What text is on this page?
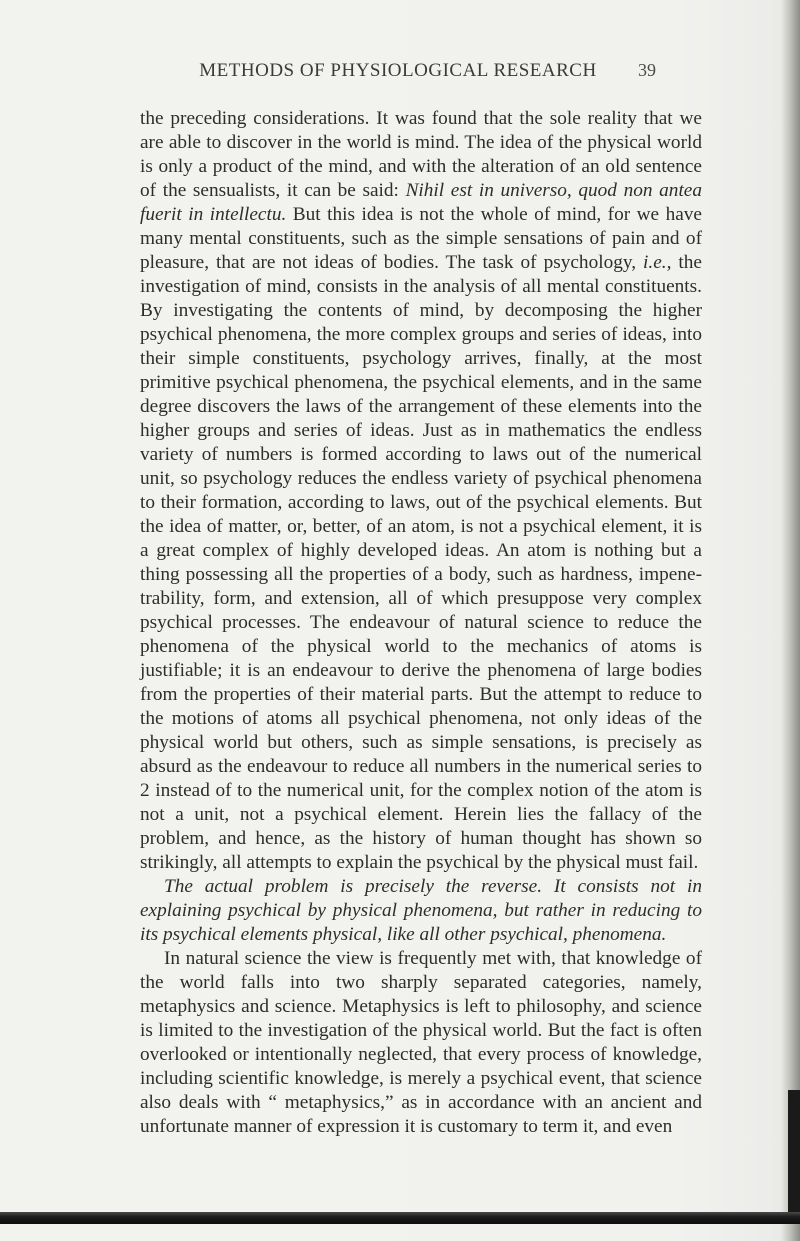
METHODS OF PHYSIOLOGICAL RESEARCH	39

the preceding considerations. It was found that the sole reality that we are able to discover in the world is mind. The idea of the physical world is only a product of the mind, and with the alteration of an old sentence of the sensualists, it can be said: Nihil est in universo, quod non antea fuerit in intellectu. But this idea is not the whole of mind, for we have many mental constituents, such as the simple sensations of pain and of pleasure, that are not ideas of bodies. The task of psychology, i.e., the investigation of mind, consists in the analysis of all mental constituents. By investigating the contents of mind, by decomposing the higher psychical phenomena, the more complex groups and series of ideas, into their simple constituents, psychology arrives, finally, at the most primitive psychical phenomena, the psychical elements, and in the same degree discovers the laws of the arrangement of these elements into the higher groups and series of ideas. Just as in mathematics the endless variety of numbers is formed according to laws out of the numerical unit, so psychology reduces the endless variety of psychical phenomena to their formation, according to laws, out of the psychical elements. But the idea of matter, or, better, of an atom, is not a psychical element, it is a great complex of highly developed ideas. An atom is nothing but a thing possessing all the properties of a body, such as hardness, impenetrability, form, and extension, all of which presuppose very complex psychical processes. The endeavour of natural science to reduce the phenomena of the physical world to the mechanics of atoms is justifiable; it is an endeavour to derive the phenomena of large bodies from the properties of their material parts. But the attempt to reduce to the motions of atoms all psychical phenomena, not only ideas of the physical world but others, such as simple sensations, is precisely as absurd as the endeavour to reduce all numbers in the numerical series to 2 instead of to the numerical unit, for the complex notion of the atom is not a unit, not a psychical element. Herein lies the fallacy of the problem, and hence, as the history of human thought has shown so strikingly, all attempts to explain the psychical by the physical must fail.

The actual problem is precisely the reverse. It consists not in explaining psychical by physical phenomena, but rather in reducing to its psychical elements physical, like all other psychical, phenomena.

In natural science the view is frequently met with, that knowledge of the world falls into two sharply separated categories, namely, metaphysics and science. Metaphysics is left to philosophy, and science is limited to the investigation of the physical world. But the fact is often overlooked or intentionally neglected, that every process of knowledge, including scientific knowledge, is merely a psychical event, that science also deals with “ metaphysics,” as in accordance with an ancient and unfortunate manner of expression it is customary to term it, and even
